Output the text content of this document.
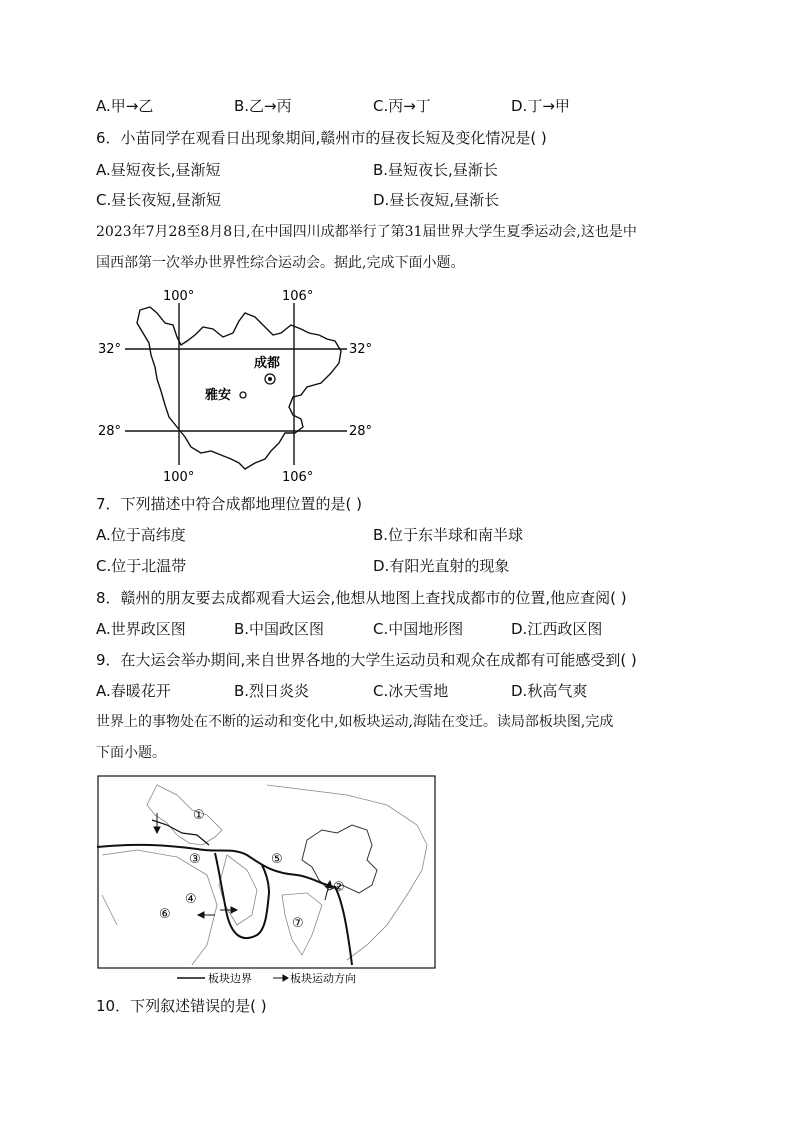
A.甲→乙	B.乙→丙	C.丙→丁	D.丁→甲
6．小苗同学在观看日出现象期间,赣州市的昼夜长短及变化情况是( )
A.昼短夜长,昼渐短	B.昼短夜长,昼渐长
C.昼长夜短,昼渐短	D.昼长夜短,昼渐长
2023年7月28至8月8日,在中国四川成都举行了第31届世界大学生夏季运动会,这也是中
国西部第一次举办世界性综合运动会。据此,完成下面小题。
100°	106°
100°	106°
32°	32°
28°	28°
成都
雅安
7．下列描述中符合成都地理位置的是( )
A.位于高纬度	B.位于东半球和南半球
C.位于北温带	D.有阳光直射的现象
8．赣州的朋友要去成都观看大运会,他想从地图上查找成都市的位置,他应查阅( )
A.世界政区图	B.中国政区图	C.中国地形图	D.江西政区图
9．在大运会举办期间,来自世界各地的大学生运动员和观众在成都有可能感受到( )
A.春暖花开	B.烈日炎炎	C.冰天雪地	D.秋高气爽
世界上的事物处在不断的运动和变化中,如板块运动,海陆在变迁。读局部板块图,完成
下面小题。
①
②
③
④
⑤
⑥
⑦
板块边界	板块运动方向
10．下列叙述错误的是( )
